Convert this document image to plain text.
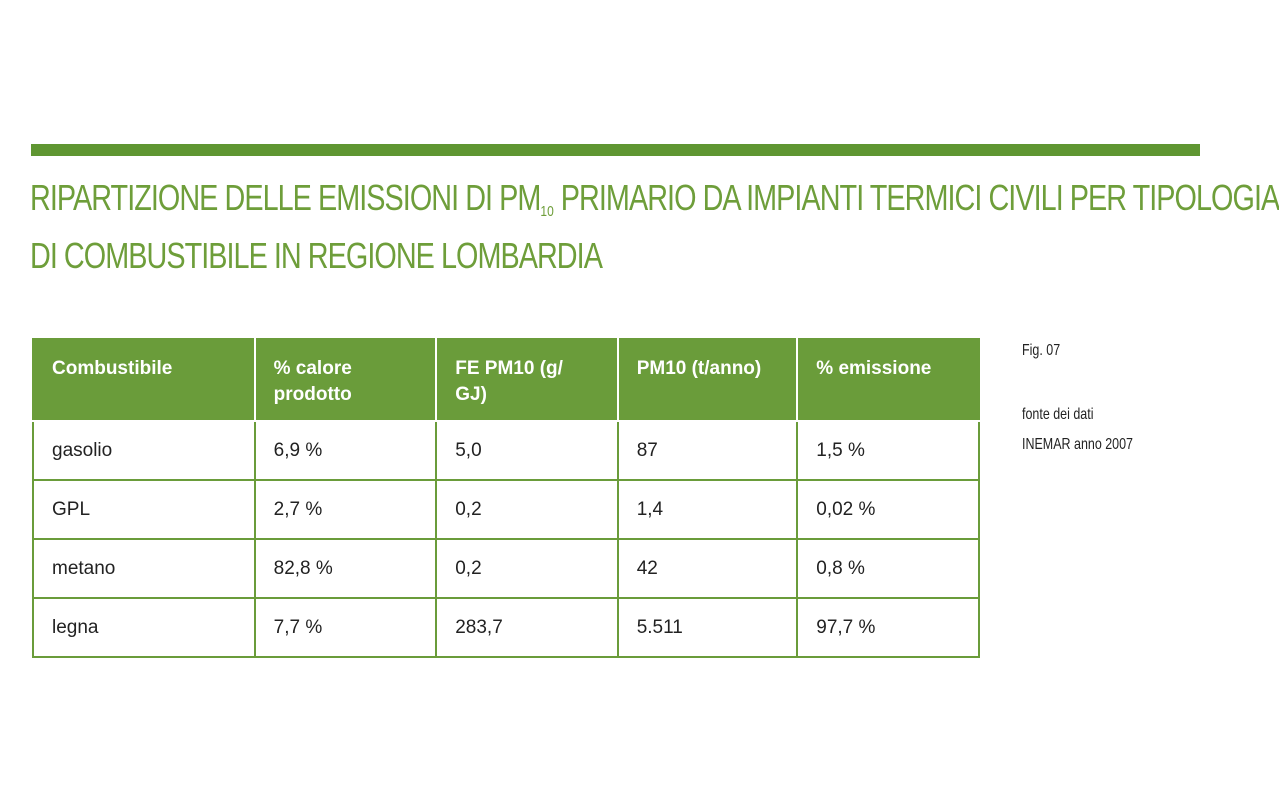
RIPARTIZIONE DELLE EMISSIONI DI $PM_{10}$ PRIMARIO DA IMPIANTI TERMICI CIVILI PER TIPOLOGIA
DI COMBUSTIBILE IN REGIONE LOMBARDIA
Combustibile	% calore prodotto	FE PM10 (g/ GJ)	PM10 (t/anno)	% emissione
gasolio	6,9 %	5,0	87	1,5 %
GPL	2,7 %	0,2	1,4	0,02 %
metano	82,8 %	0,2	42	0,8 %
legna	7,7 %	283,7	5.511	97,7 %
Fig. 07
fonte dei dati
INEMAR anno 2007
